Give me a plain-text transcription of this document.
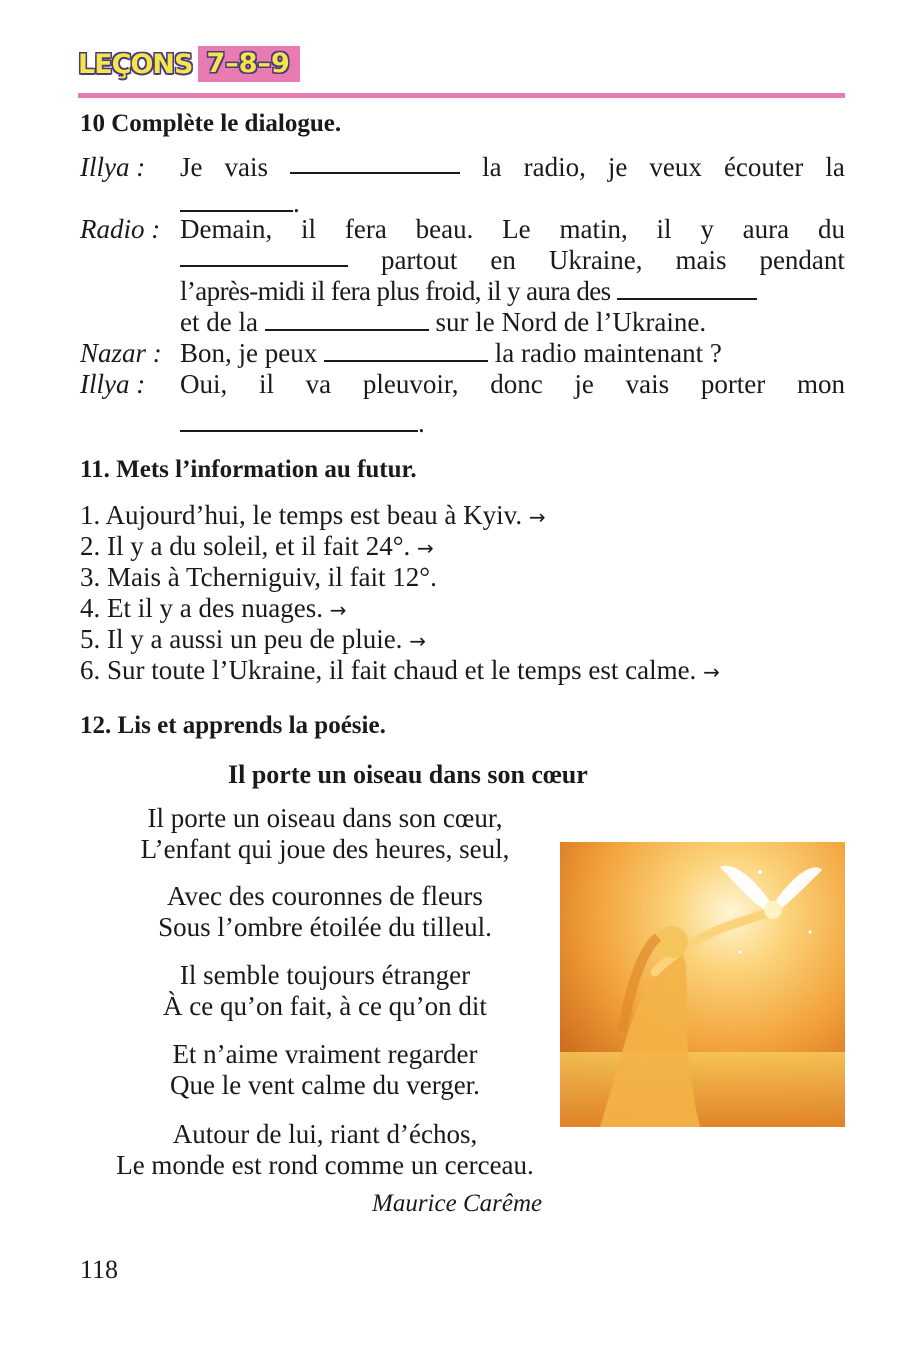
LEÇONS 7–8–9
10 Complète le dialogue.
Illya : Je vais	la radio, je veux écouter la
.
Radio : Demain, il fera beau. Le matin, il y aura du
partout en Ukraine, mais pendant
l’après-midi il fera plus froid, il y aura des
et de la	sur le Nord de l’Ukraine.
Nazar : Bon, je peux	la radio maintenant ?
Illya : Oui, il va pleuvoir, donc je vais porter mon
.
11. Mets l’information au futur.
1. Aujourd’hui, le temps est beau à Kyiv. →
2. Il y a du soleil, et il fait 24°. →
3. Mais à Tcherniguiv, il fait 12°.
4. Et il y a des nuages. →
5. Il y a aussi un peu de pluie. →
6. Sur toute l’Ukraine, il fait chaud et le temps est calme. →
12. Lis et apprends la poésie.
Il porte un oiseau dans son cœur
Il porte un oiseau dans son cœur,
L’enfant qui joue des heures, seul,
Avec des couronnes de fleurs
Sous l’ombre étoilée du tilleul.
Il semble toujours étranger
À ce qu’on fait, à ce qu’on dit
Et n’aime vraiment regarder
Que le vent calme du verger.
Autour de lui, riant d’échos,
Le monde est rond comme un cerceau.
Maurice Carême
118
